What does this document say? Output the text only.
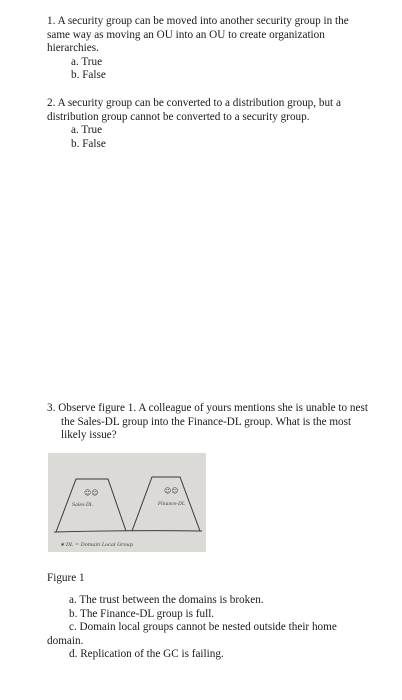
1. A security group can be moved into another security group in the same way as moving an OU into an OU to create organization hierarchies.
a. True
b. False
2. A security group can be converted to a distribution group, but a distribution group cannot be converted to a security group.
a. True
b. False
3. Observe figure 1. A colleague of yours mentions she is unable to nest the Sales-DL group into the Finance-DL group. What is the most likely issue?
☺☺	☺☺
Sales-DL	Finance-DL
★ DL = Domain Local Group
Figure 1
a. The trust between the domains is broken.
b. The Finance-DL group is full.
c. Domain local groups cannot be nested outside their home
domain.
d. Replication of the GC is failing.
